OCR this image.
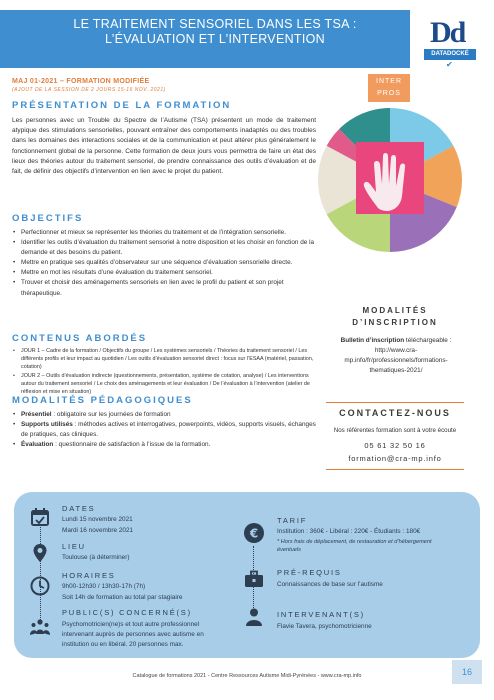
LE TRAITEMENT SENSORIEL DANS LES TSA :
L’ÉVALUATION ET L’INTERVENTION	Dd
DATADOCKÉ
✔
MAJ 01-2021 – FORMATION MODIFIÉE
(AJOUT DE LA SESSION DE 2 JOURS 15-16 NOV. 2021)
INTER
PROS
PRÉSENTATION DE LA FORMATION
Les personnes avec un Trouble du Spectre de l’Autisme (TSA) présentent un mode de traitement atypique des stimulations sensorielles, pouvant entraîner des comportements inadaptés ou des troubles dans les domaines des interactions sociales et de la communication et peut altérer plus généralement le fonctionnement global de la personne. Cette formation de deux jours vous permettra de faire un état des lieux des théories autour du traitement sensoriel, de prendre connaissance des outils d’évaluation et de fait, de définir des objectifs d’intervention en lien avec le projet du patient.
OBJECTIFS
• Perfectionner et mieux se représenter les théories du traitement et de l’intégration sensorielle.
• Identifier les outils d’évaluation du traitement sensoriel à notre disposition et les choisir en fonction de la demande et des besoins du patient.
• Mettre en pratique ses qualités d’observateur sur une séquence d’évaluation sensorielle directe.
• Mettre en mot les résultats d’une évaluation du traitement sensoriel.
• Trouver et choisir des aménagements sensoriels en lien avec le profil du patient et son projet thérapeutique.
CONTENUS ABORDÉS
• JOUR 1 – Cadre de la formation / Objectifs du groupe / Les systèmes sensoriels / Théories du traitement sensoriel / Les différents profils et leur impact au quotidien / Les outils d’évaluation sensoriel direct : focus sur l’ESAA (matériel, passation, cotation)
• JOUR 2 – Outils d’évaluation indirecte (questionnements, présentation, système de cotation, analyse) / Les interventions autour du traitement sensoriel / Le choix des aménagements et leur évaluation / De l’évaluation à l’intervention (atelier de réflexion et mise en situation)
MODALITÉS PÉDAGOGIQUES
• Présentiel : obligatoire sur les journées de formation
• Supports utilisés : méthodes actives et interrogatives, powerpoints, vidéos, supports visuels, échanges de pratiques, cas cliniques.
• Évaluation : questionnaire de satisfaction à l’issue de la formation.
MODALITÉS
D’INSCRIPTION
Bulletin d’inscription téléchargeable :
http://www.cra-mp.info/fr/professionnels/formations-thematiques-2021/
CONTACTEZ-NOUS
Nos référentes formation sont à votre écoute
05 61 32 50 16
formation@cra-mp.info
DATES
Lundi 15 novembre 2021
Mardi 16 novembre 2021
LIEU
Toulouse (à déterminer)
HORAIRES
9h00-12h30 / 13h30-17h (7h)
Soit 14h de formation au total par stagiaire
PUBLIC(S) CONCERNÉ(S)
Psychomotricien(ne)s et tout autre professionnel
intervenant auprès de personnes avec autisme en
institution ou en libéral. 20 personnes max.
€
TARIF
Institution : 360€ - Libéral : 220€ - Étudiants : 180€
* Hors frais de déplacement, de restauration et d’hébergement
éventuels
PRÉ-REQUIS
Connaissances de base sur l’autisme
INTERVENANT(S)
Flavie Tavera, psychomotricienne
16
Catalogue de formations 2021 - Centre Ressources Autisme Midi-Pyrénées - www.cra-mp.info
